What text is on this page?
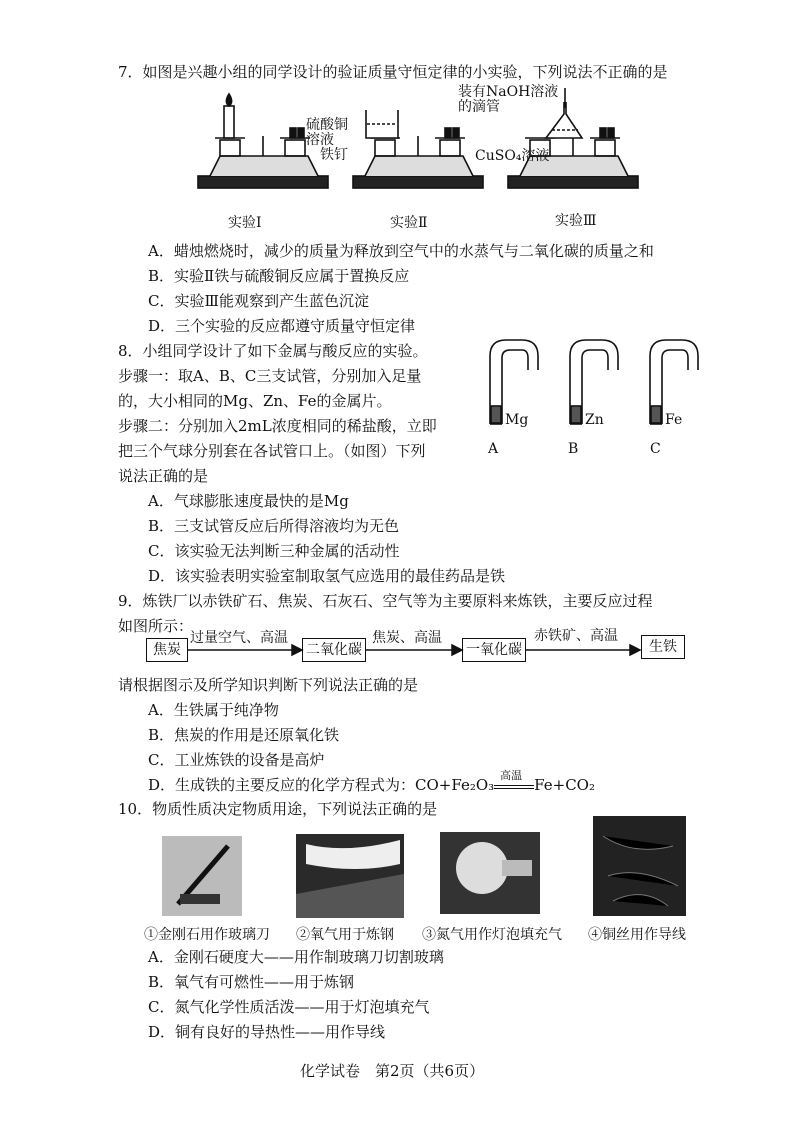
7．如图是兴趣小组的同学设计的验证质量守恒定律的小实验，下列说法不正确的是
装有NaOH溶液
的滴管
硫酸铜
溶液
铁钉	CuSO₄溶液
实验Ⅰ	实验Ⅱ	实验Ⅲ
A．蜡烛燃烧时，减少的质量为释放到空气中的水蒸气与二氧化碳的质量之和
B．实验Ⅱ铁与硫酸铜反应属于置换反应
C．实验Ⅲ能观察到产生蓝色沉淀
D．三个实验的反应都遵守质量守恒定律
8．小组同学设计了如下金属与酸反应的实验。
步骤一：取A、B、C三支试管，分别加入足量
的，大小相同的Mg、Zn、Fe的金属片。
步骤二：分别加入2mL浓度相同的稀盐酸，立即
把三个气球分别套在各试管口上。（如图）下列
说法正确的是
Mg	Zn	Fe
A	B	C
A．气球膨胀速度最快的是Mg
B．三支试管反应后所得溶液均为无色
C．该实验无法判断三种金属的活动性
D．该实验表明实验室制取氢气应选用的最佳药品是铁
9．炼铁厂以赤铁矿石、焦炭、石灰石、空气等为主要原料来炼铁，主要反应过程
如图所示：
焦炭	二氧化碳	一氧化碳	生铁
过量空气、高温	焦炭、高温	赤铁矿、高温
请根据图示及所学知识判断下列说法正确的是
A．生铁属于纯净物
B．焦炭的作用是还原氧化铁
C．工业炼铁的设备是高炉
D．生成铁的主要反应的化学方程式为：CO+Fe₂O₃
高温
Fe+CO₂
10．物质性质决定物质用途，下列说法正确的是
①金刚石用作玻璃刀 ②氧气用于炼钢 ③氮气用作灯泡填充气 ④铜丝用作导线
A．金刚石硬度大——用作制玻璃刀切割玻璃
B．氧气有可燃性——用于炼钢
C．氮气化学性质活泼——用于灯泡填充气
D．铜有良好的导热性——用作导线
化学试卷　第2页（共6页）
